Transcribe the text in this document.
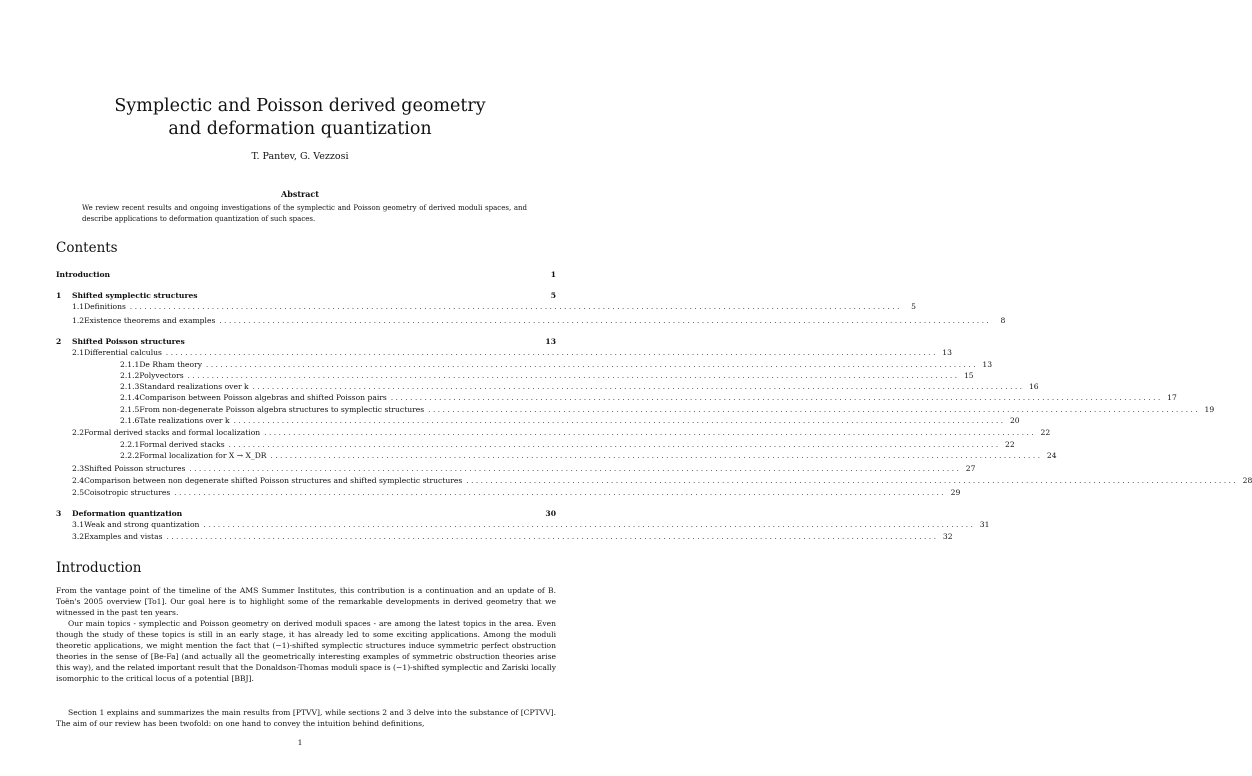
Symplectic and Poisson derived geometry
and deformation quantization
T. Pantev, G. Vezzosi
Abstract
We review recent results and ongoing investigations of the symplectic and Poisson geometry of derived moduli spaces, and describe applications to deformation quantization of such spaces.
Contents
Introduction	1
1	Shifted symplectic structures	5
1.1 Definitions ................................................................................................................................................................	5
1.2 Existence theorems and examples ................................................................................................................................................................	8
2	Shifted Poisson structures	13
2.1 Differential calculus ................................................................................................................................................................ 13
2.1.1 De Rham theory ................................................................................................................................................................ 13
2.1.2 Polyvectors ................................................................................................................................................................ 15
2.1.3 Standard realizations over k ................................................................................................................................................................ 16
2.1.4 Comparison between Poisson algebras and shifted Poisson pairs ................................................................................................................................................................ 17
2.1.5 From non-degenerate Poisson algebra structures to symplectic structures ................................................................................................................................................................ 19
2.1.6 Tate realizations over k ................................................................................................................................................................ 20
2.2 Formal derived stacks and formal localization ................................................................................................................................................................ 22
2.2.1 Formal derived stacks ................................................................................................................................................................ 22
2.2.2 Formal localization for X → X_DR ................................................................................................................................................................ 24
2.3 Shifted Poisson structures ................................................................................................................................................................ 27
2.4 Comparison between non degenerate shifted Poisson structures and shifted symplectic structures ................................................................................................................................................................ 28
2.5 Coisotropic structures ................................................................................................................................................................ 29
3	Deformation quantization	30
3.1 Weak and strong quantization ................................................................................................................................................................ 31
3.2 Examples and vistas ................................................................................................................................................................ 32
Introduction
From the vantage point of the timeline of the AMS Summer Institutes, this contribution is a continuation and an update of B. Toën's 2005 overview [To1]. Our goal here is to highlight some of the remarkable developments in derived geometry that we witnessed in the past ten years.
Our main topics - symplectic and Poisson geometry on derived moduli spaces - are among the latest topics in the area. Even though the study of these topics is still in an early stage, it has already led to some exciting applications. Among the moduli theoretic applications, we might mention the fact that (−1)-shifted symplectic structures induce symmetric perfect obstruction theories in the sense of [Be-Fa] (and actually all the geometrically interesting examples of symmetric obstruction theories arise this way), and the related important result that the Donaldson-Thomas moduli space is (−1)-shifted symplectic and Zariski locally isomorphic to the critical locus of a potential [BBJ].
Section 1 explains and summarizes the main results from [PTVV], while sections 2 and 3 delve into the substance of [CPTVV]. The aim of our review has been twofold: on one hand to convey the intuition behind definitions,
1
